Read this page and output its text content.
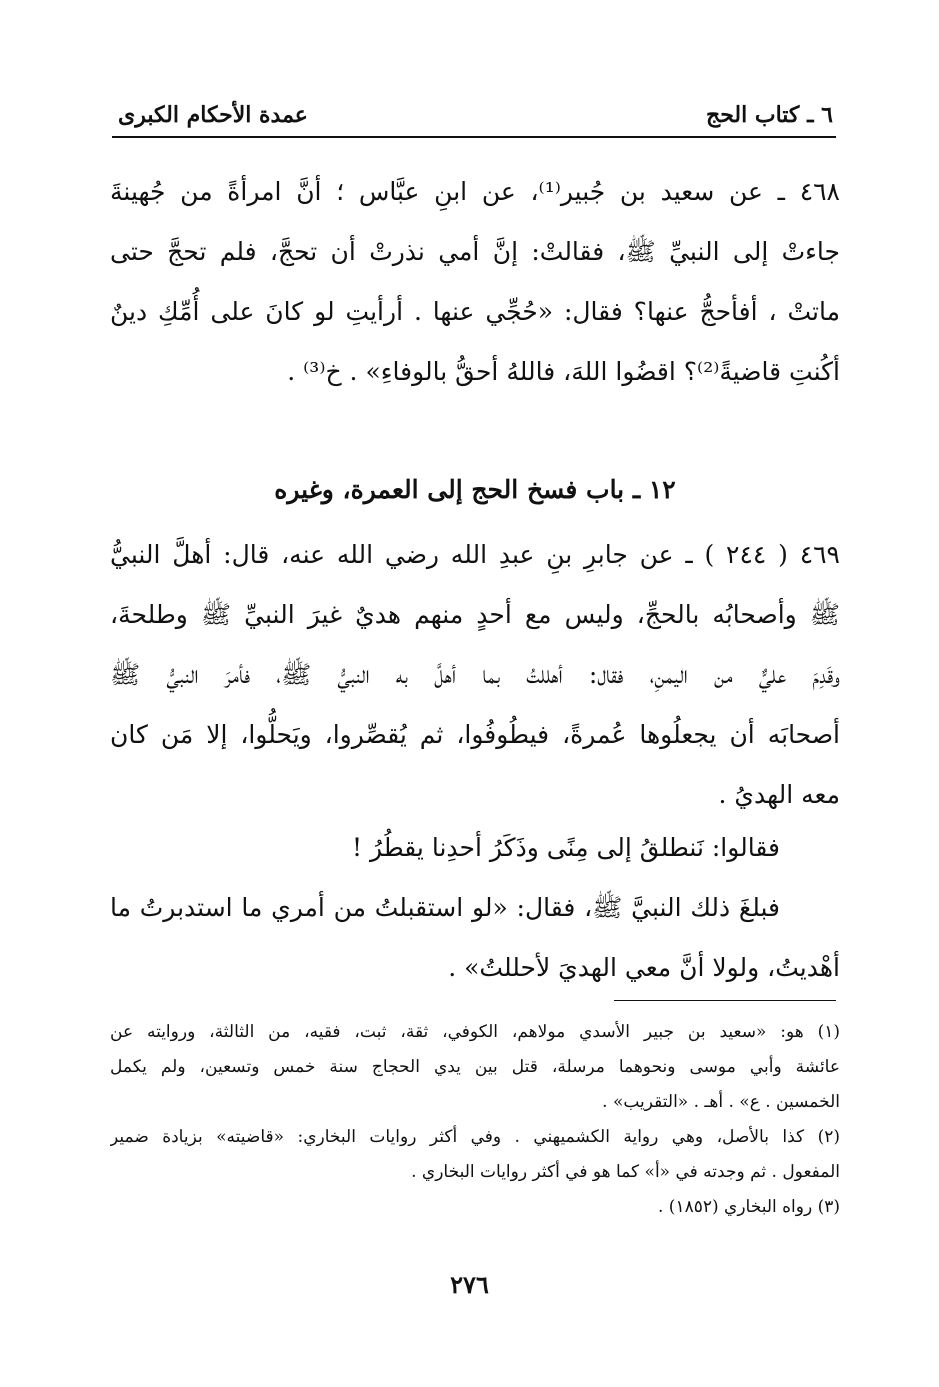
٦ ـ كتاب الحج
عمدة الأحكام الكبرى
٤٦٨ ـ عن سعيد بن جُبير⁽¹⁾، عن ابنِ عبَّاس ؛ أنَّ امرأةً من جُهينةَ
جاءتْ إلى النبيِّ ﷺ، فقالتْ: إنَّ أمي نذرتْ أن تحجَّ، فلم تحجَّ حتى
ماتتْ ، أفأحجُّ عنها؟ فقال: «حُجِّي عنها . أرأيتِ لو كانَ على أُمِّكِ دينٌ
أكُنتِ قاضيةً⁽²⁾؟ اقضُوا اللهَ، فاللهُ أحقُّ بالوفاءِ» . خ⁽³⁾ .
١٢ ـ باب فسخ الحج إلى العمرة، وغيره
٤٦٩ ( ٢٤٤ ) ـ عن جابرِ بنِ عبدِ الله رضي الله عنه، قال: أهلَّ النبيُّ
ﷺ وأصحابُه بالحجِّ، وليس مع أحدٍ منهم هديٌ غيرَ النبيِّ ﷺ وطلحةَ،
وقَدِمَ عليٌّ من اليمنِ، فقال: أهللتُ بما أهلَّ به النبيُّ ﷺ، فأمرَ النبيُّ ﷺ
أصحابَه أن يجعلُوها عُمرةً، فيطُوفُوا، ثم يُقصِّروا، ويَحلُّوا، إلا مَن كان
معه الهديُ .
فقالوا: نَنطلقُ إلى مِنًى وذَكَرُ أحدِنا يقطُرُ !
فبلغَ ذلك النبيَّ ﷺ، فقال: «لو استقبلتُ من أمري ما استدبرتُ ما
أهْديتُ، ولولا أنَّ معي الهديَ لأحللتُ» .
(١) هو: «سعيد بن جبير الأسدي مولاهم، الكوفي، ثقة، ثبت، فقيه، من الثالثة، وروايته عن
عائشة وأبي موسى ونحوهما مرسلة، قتل بين يدي الحجاج سنة خمس وتسعين، ولم يكمل
الخمسين . ع» . أهـ . «التقريب» .
(٢) كذا بالأصل، وهي رواية الكشميهني . وفي أكثر روايات البخاري: «قاضيته» بزيادة ضمير
المفعول . ثم وجدته في «أ» كما هو في أكثر روايات البخاري .
(٣) رواه البخاري (١٨٥٢) .
٢٧٦
